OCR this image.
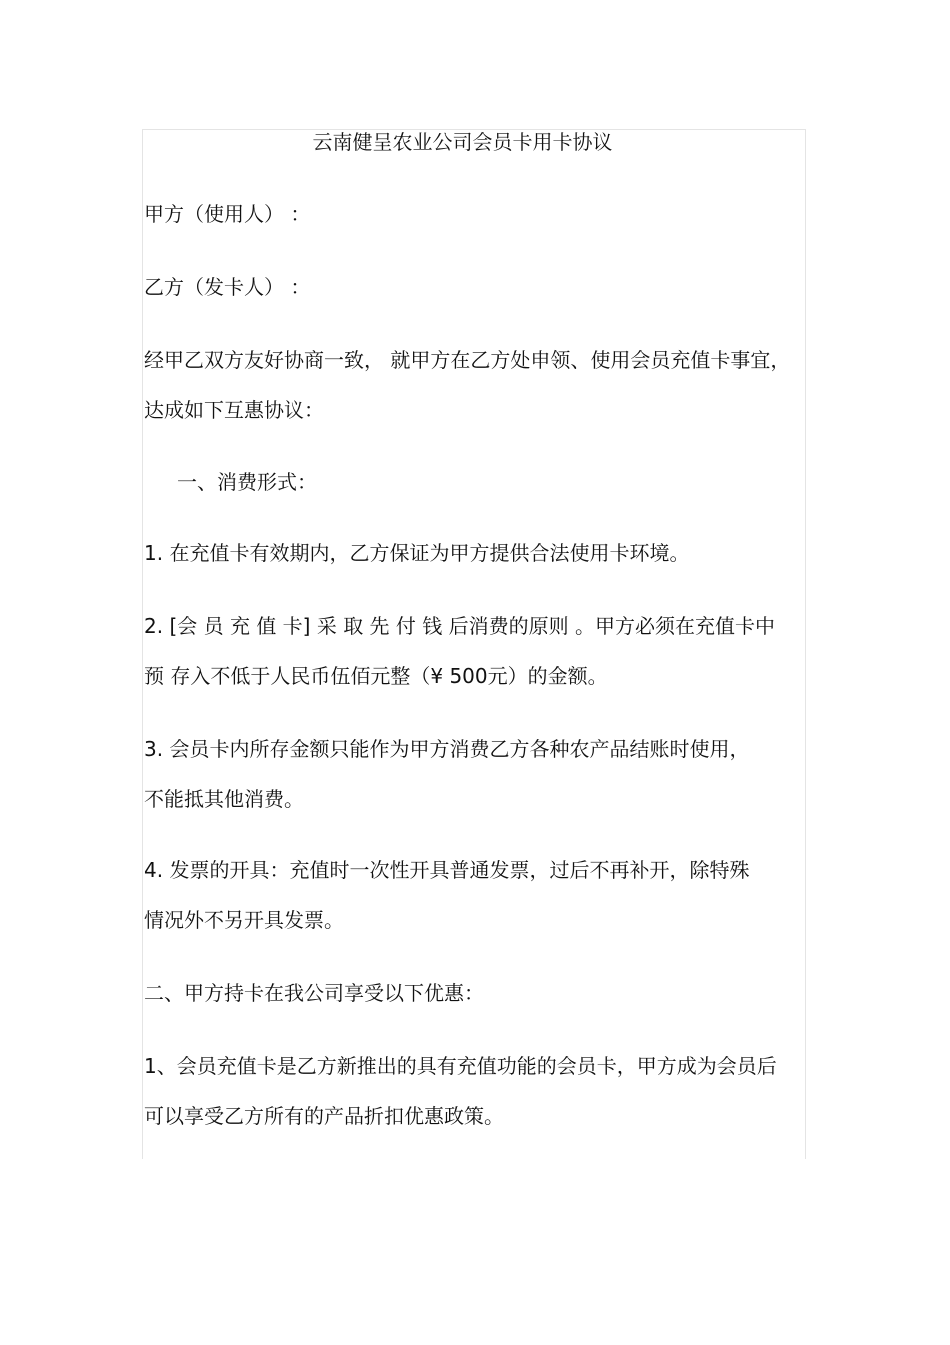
云南健呈农业公司会员卡用卡协议
甲方（使用人） ：
乙方（发卡人） ：
经甲乙双方友好协商一致， 就甲方在乙方处申领、使用会员充值卡事宜，
达成如下互惠协议：
一、消费形式：
1. 在充值卡有效期内，乙方保证为甲方提供合法使用卡环境。
2. [会 员 充 值 卡] 采 取 先 付 钱 后消费的原则 。甲方必须在充值卡中
预 存入不低于人民币伍佰元整（¥ 500元）的金额。
3. 会员卡内所存金额只能作为甲方消费乙方各种农产品结账时使用，
不能抵其他消费。
4. 发票的开具：充值时一次性开具普通发票，过后不再补开，除特殊
情况外不另开具发票。
二、甲方持卡在我公司享受以下优惠：
1、会员充值卡是乙方新推出的具有充值功能的会员卡，甲方成为会员后
可以享受乙方所有的产品折扣优惠政策。
